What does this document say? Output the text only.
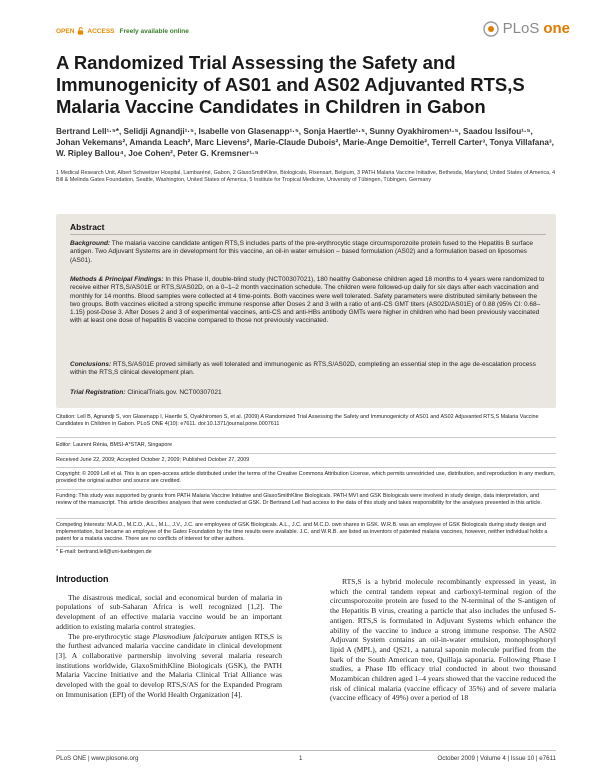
OPEN ACCESS Freely available online	PLoS one
A Randomized Trial Assessing the Safety and Immunogenicity of AS01 and AS02 Adjuvanted RTS,S Malaria Vaccine Candidates in Children in Gabon
Bertrand Lell¹·⁵*, Selidji Agnandji¹·⁵, Isabelle von Glasenapp¹·⁵, Sonja Haertle¹·⁵, Sunny Oyakhiromen¹·⁵, Saadou Issifou¹·⁵, Johan Vekemans², Amanda Leach², Marc Lievens², Marie-Claude Dubois², Marie-Ange Demoitie², Terrell Carter³, Tonya Villafana³, W. Ripley Ballou⁴, Joe Cohen², Peter G. Kremsner¹·⁵
1 Medical Research Unit, Albert Schweitzer Hospital, Lambaréné, Gabon, 2 GlaxoSmithKline, Biologicals, Rixensart, Belgium, 3 PATH Malaria Vaccine Initiative, Bethesda, Maryland, United States of America, 4 Bill & Melinda Gates Foundation, Seattle, Washington, United States of America, 5 Institute for Tropical Medicine, University of Tübingen, Tübingen, Germany
Abstract

Background: The malaria vaccine candidate antigen RTS,S includes parts of the pre-erythrocytic stage circumsporozoite protein fused to the Hepatitis B surface antigen. Two Adjuvant Systems are in development for this vaccine, an oil-in water emulsion – based formulation (AS02) and a formulation based on liposomes (AS01).

Methods & Principal Findings: In this Phase II, double-blind study (NCT00307021), 180 healthy Gabonese children aged 18 months to 4 years were randomized to receive either RTS,S/AS01E or RTS,S/AS02D, on a 0–1–2 month vaccination schedule. The children were followed-up daily for six days after each vaccination and monthly for 14 months. Blood samples were collected at 4 time-points. Both vaccines were well tolerated. Safety parameters were distributed similarly between the two groups. Both vaccines elicited a strong specific immune response after Doses 2 and 3 with a ratio of anti-CS GMT titers (AS02D/AS01E) of 0.88 (95% CI: 0.68–1.15) post-Dose 3. After Doses 2 and 3 of experimental vaccines, anti-CS and anti-HBs antibody GMTs were higher in children who had been previously vaccinated with at least one dose of hepatitis B vaccine compared to those not previously vaccinated.

Conclusions: RTS,S/AS01E proved similarly as well tolerated and immunogenic as RTS,S/AS02D, completing an essential step in the age de-escalation process within the RTS,S clinical development plan.

Trial Registration: ClinicalTrials.gov. NCT00307021

Citation: Lell B, Agnandji S, von Glasenapp I, Haertle S, Oyakhiromen S, et al. (2009) A Randomized Trial Assessing the Safety and Immunogenicity of AS01 and AS02 Adjuvanted RTS,S Malaria Vaccine Candidates in Children in Gabon. PLoS ONE 4(10): e7611. doi:10.1371/journal.pone.0007611

Editor: Laurent Rénia, BMSI-A*STAR, Singapore

Received June 22, 2009; Accepted October 2, 2009; Published October 27, 2009

Copyright: © 2009 Lell et al. This is an open-access article distributed under the terms of the Creative Commons Attribution License, which permits unrestricted use, distribution, and reproduction in any medium, provided the original author and source are credited.

Funding: This study was supported by grants from PATH Malaria Vaccine Initiative and GlaxoSmithKline Biologicals. PATH MVI and GSK Biologicals were involved in study design, data interpretation, and review of the manuscript. This article describes analyses that were conducted at GSK. Dr Bertrand Lell had access to the data of this study and takes responsibility for the analyses presented in this article.

Competing Interests: M.A.D., M.C.D., A.L., M.L., J.V., J.C. are employees of GSK Biologicals. A.L., J.C. and M.C.D. own shares in GSK. W.R.B. was an employee of GSK Biologicals during study design and implementation, but became an employee of the Gates Foundation by the time results were available. J.C. and W.R.B. are listed as inventors of patented malaria vaccines, however, neither individual holds a patent for a malaria vaccine. There are no conflicts of interest for other authors.

* E-mail: bertrand.lell@uni-tuebingen.de

Introduction

The disastrous medical, social and economical burden of malaria in populations of sub-Saharan Africa is well recognized [1,2]. The development of an effective malaria vaccine would be an important addition to existing malaria control strategies.

The pre-erythrocytic stage Plasmodium falciparum antigen RTS,S is the furthest advanced malaria vaccine candidate in clinical development [3]. A collaborative partnership involving several malaria research institutions worldwide, GlaxoSmithKline Biologicals (GSK), the PATH Malaria Vaccine Initiative and the Malaria Clinical Trial Alliance was developed with the goal to develop RTS,S/AS for the Expanded Program on Immunisation (EPI) of the World Health Organization [4].

RTS,S is a hybrid molecule recombinantly expressed in yeast, in which the central tandem repeat and carboxyl-terminal region of the circumsporozoite protein are fused to the N-terminal of the S-antigen of the Hepatitis B virus, creating a particle that also includes the unfused S-antigen. RTS,S is formulated in Adjuvant Systems which enhance the ability of the vaccine to induce a strong immune response. The AS02 Adjuvant System contains an oil-in-water emulsion, monophosphoryl lipid A (MPL), and QS21, a natural saponin molecule purified from the bark of the South American tree, Quillaja saponaria. Following Phase I studies, a Phase IIb efficacy trial conducted in about two thousand Mozambican children aged 1–4 years showed that the vaccine reduced the risk of clinical malaria (vaccine efficacy of 35%) and of severe malaria (vaccine efficacy of 49%) over a period of 18

PLoS ONE | www.plosone.org	1	October 2009 | Volume 4 | Issue 10 | e7611
